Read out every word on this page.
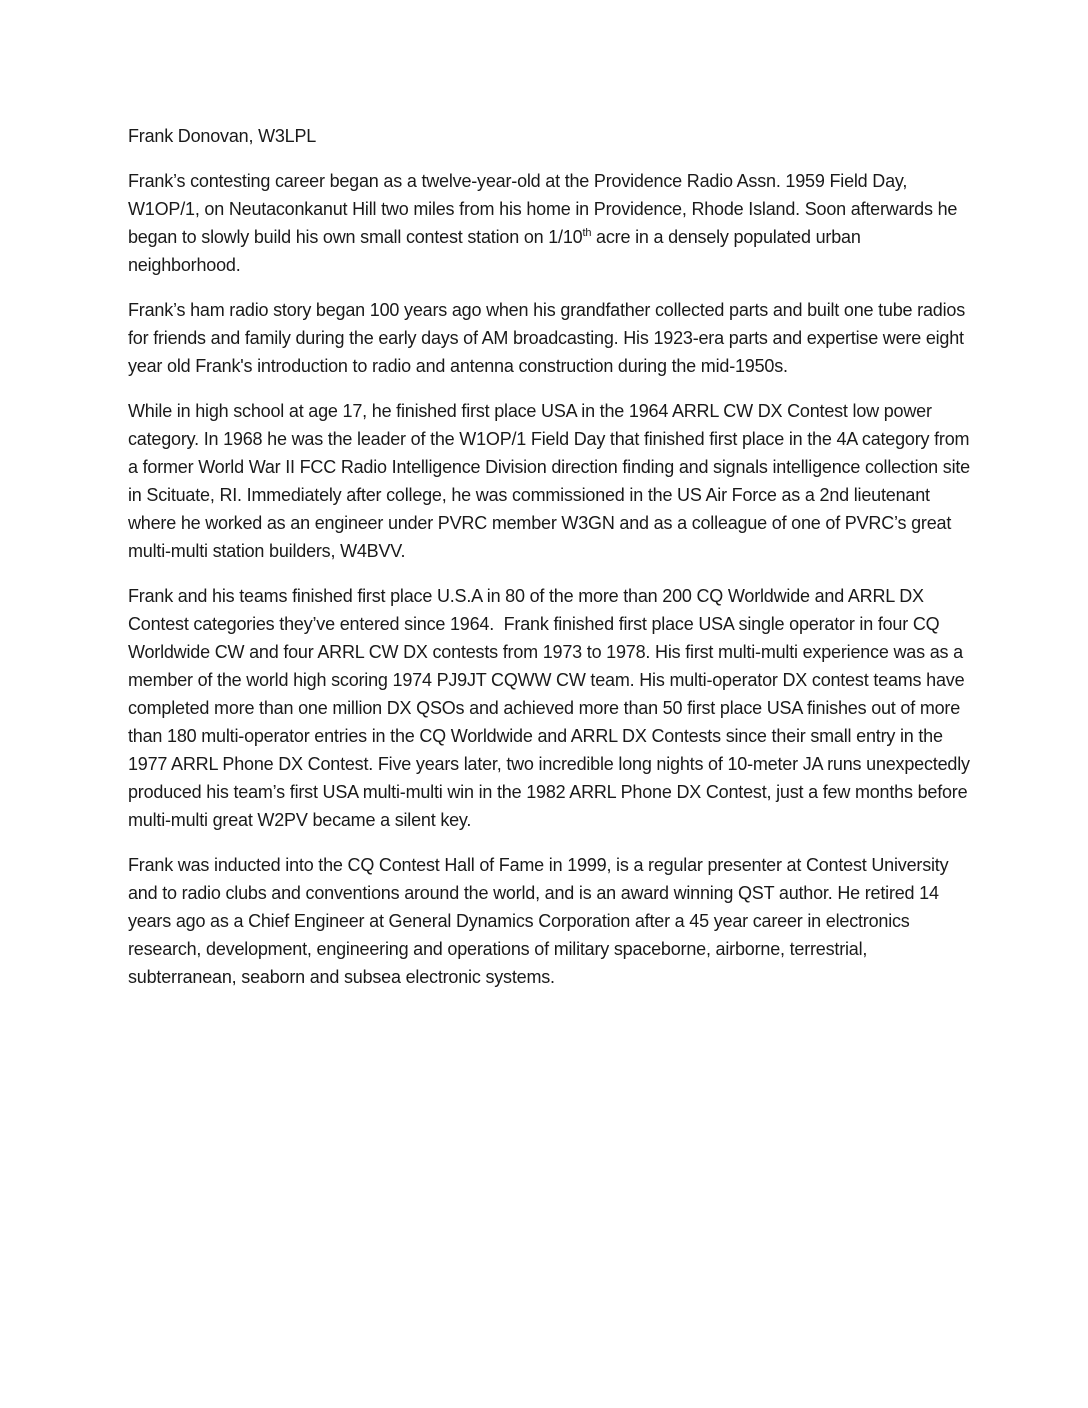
Frank Donovan, W3LPL

Frank’s contesting career began as a twelve-year-old at the Providence Radio Assn. 1959 Field Day, W1OP/1, on Neutaconkanut Hill two miles from his home in Providence, Rhode Island. Soon afterwards he began to slowly build his own small contest station on 1/10th acre in a densely populated urban neighborhood.

Frank’s ham radio story began 100 years ago when his grandfather collected parts and built one tube radios for friends and family during the early days of AM broadcasting. His 1923-era parts and expertise were eight year old Frank's introduction to radio and antenna construction during the mid-1950s.

While in high school at age 17, he finished first place USA in the 1964 ARRL CW DX Contest low power category. In 1968 he was the leader of the W1OP/1 Field Day that finished first place in the 4A category from a former World War II FCC Radio Intelligence Division direction finding and signals intelligence collection site in Scituate, RI. Immediately after college, he was commissioned in the US Air Force as a 2nd lieutenant where he worked as an engineer under PVRC member W3GN and as a colleague of one of PVRC’s great multi-multi station builders, W4BVV.

Frank and his teams finished first place U.S.A in 80 of the more than 200 CQ Worldwide and ARRL DX Contest categories they’ve entered since 1964.  Frank finished first place USA single operator in four CQ Worldwide CW and four ARRL CW DX contests from 1973 to 1978. His first multi-multi experience was as a member of the world high scoring 1974 PJ9JT CQWW CW team. His multi-operator DX contest teams have completed more than one million DX QSOs and achieved more than 50 first place USA finishes out of more than 180 multi-operator entries in the CQ Worldwide and ARRL DX Contests since their small entry in the 1977 ARRL Phone DX Contest. Five years later, two incredible long nights of 10-meter JA runs unexpectedly produced his team’s first USA multi-multi win in the 1982 ARRL Phone DX Contest, just a few months before multi-multi great W2PV became a silent key.

Frank was inducted into the CQ Contest Hall of Fame in 1999, is a regular presenter at Contest University and to radio clubs and conventions around the world, and is an award winning QST author. He retired 14 years ago as a Chief Engineer at General Dynamics Corporation after a 45 year career in electronics research, development, engineering and operations of military spaceborne, airborne, terrestrial, subterranean, seaborn and subsea electronic systems.
